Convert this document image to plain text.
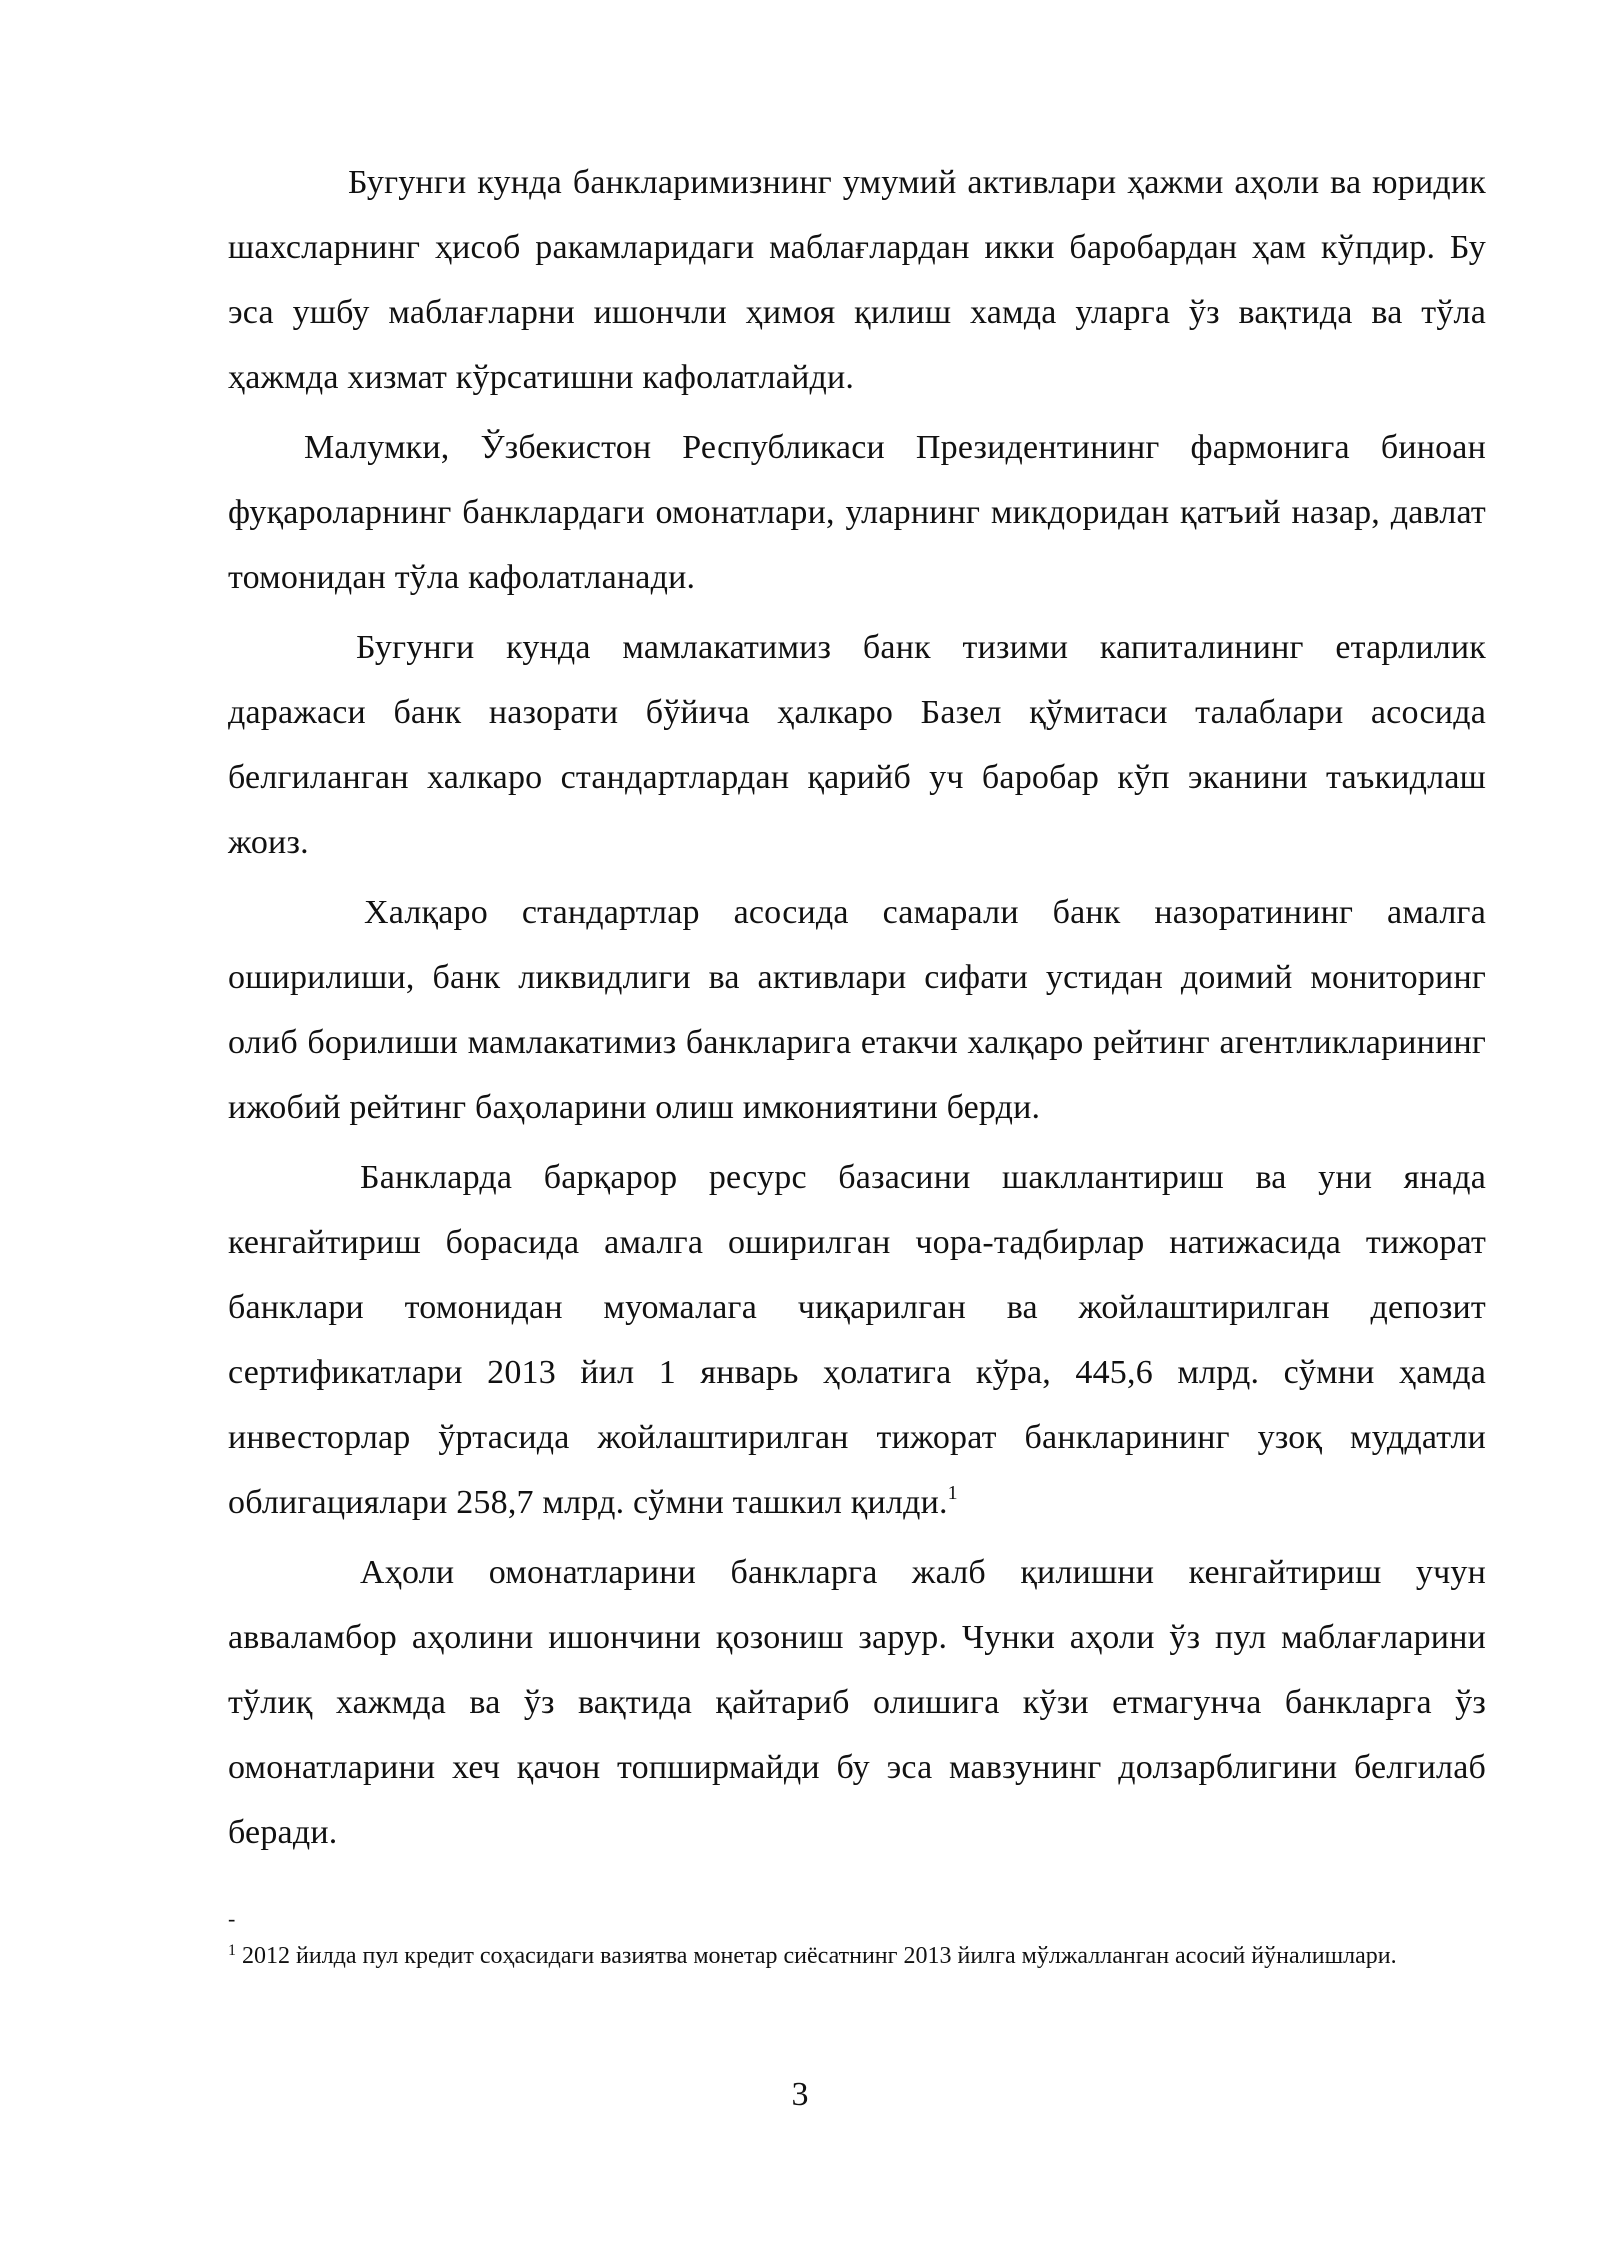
Бугунги кунда банкларимизнинг умумий активлари ҳажми аҳоли ва юридик шахсларнинг ҳисоб ракамларидаги маблағлардан икки баробардан ҳам кўпдир. Бу эса ушбу маблағларни ишончли ҳимоя қилиш хамда уларга ўз вақтида ва тўла ҳажмда хизмат кўрсатишни кафолатлайди.

Малумки, Ўзбекистон Республикаси Президентининг фармонига биноан фуқароларнинг банклардаги омонатлари, уларнинг микдоридан қатъий назар, давлат томонидан тўла кафолатланади.

Бугунги кунда мамлакатимиз банк тизими капиталининг етарлилик даражаси банк назорати бўйича ҳалкаро Базел қўмитаси талаблари асосида белгиланган халкаро стандартлардан қарийб уч баробар кўп эканини таъкидлаш жоиз.

Халқаро стандартлар асосида самарали банк назоратининг амалга оширилиши, банк ликвидлиги ва активлари сифати устидан доимий мониторинг олиб борилиши мамлакатимиз банкларига етакчи халқаро рейтинг агентликларининг ижобий рейтинг баҳоларини олиш имкониятини берди.

Банкларда барқарор ресурс базасини шакллантириш ва уни янада кенгайтириш борасида амалга оширилган чора-тадбирлар натижасида тижорат банклари томонидан муомалага чиқарилган ва жойлаштирилган депозит сертификатлари 2013 йил 1 январь ҳолатига кўра, 445,6 млрд. сўмни ҳамда инвесторлар ўртасида жойлаштирилган тижорат банкларининг узоқ муддатли облигациялари 258,7 млрд. сўмни ташкил қилди.$^1$

Аҳоли омонатларини банкларга жалб қилишни кенгайтириш учун авваламбор аҳолини ишончини қозониш зарур. Чунки аҳоли ўз пул маблағларини тўлиқ хажмда ва ўз вақтида қайтариб олишига кўзи етмагунча банкларга ўз омонатларини хеч қачон топширмайди бу эса мавзунинг долзарблигини белгилаб беради.

-
$^1$ 2012 йилда пул кредит соҳасидаги вазиятва монетар сиёсатнинг 2013 йилга мўлжалланган асосий йўналишлари.
3
